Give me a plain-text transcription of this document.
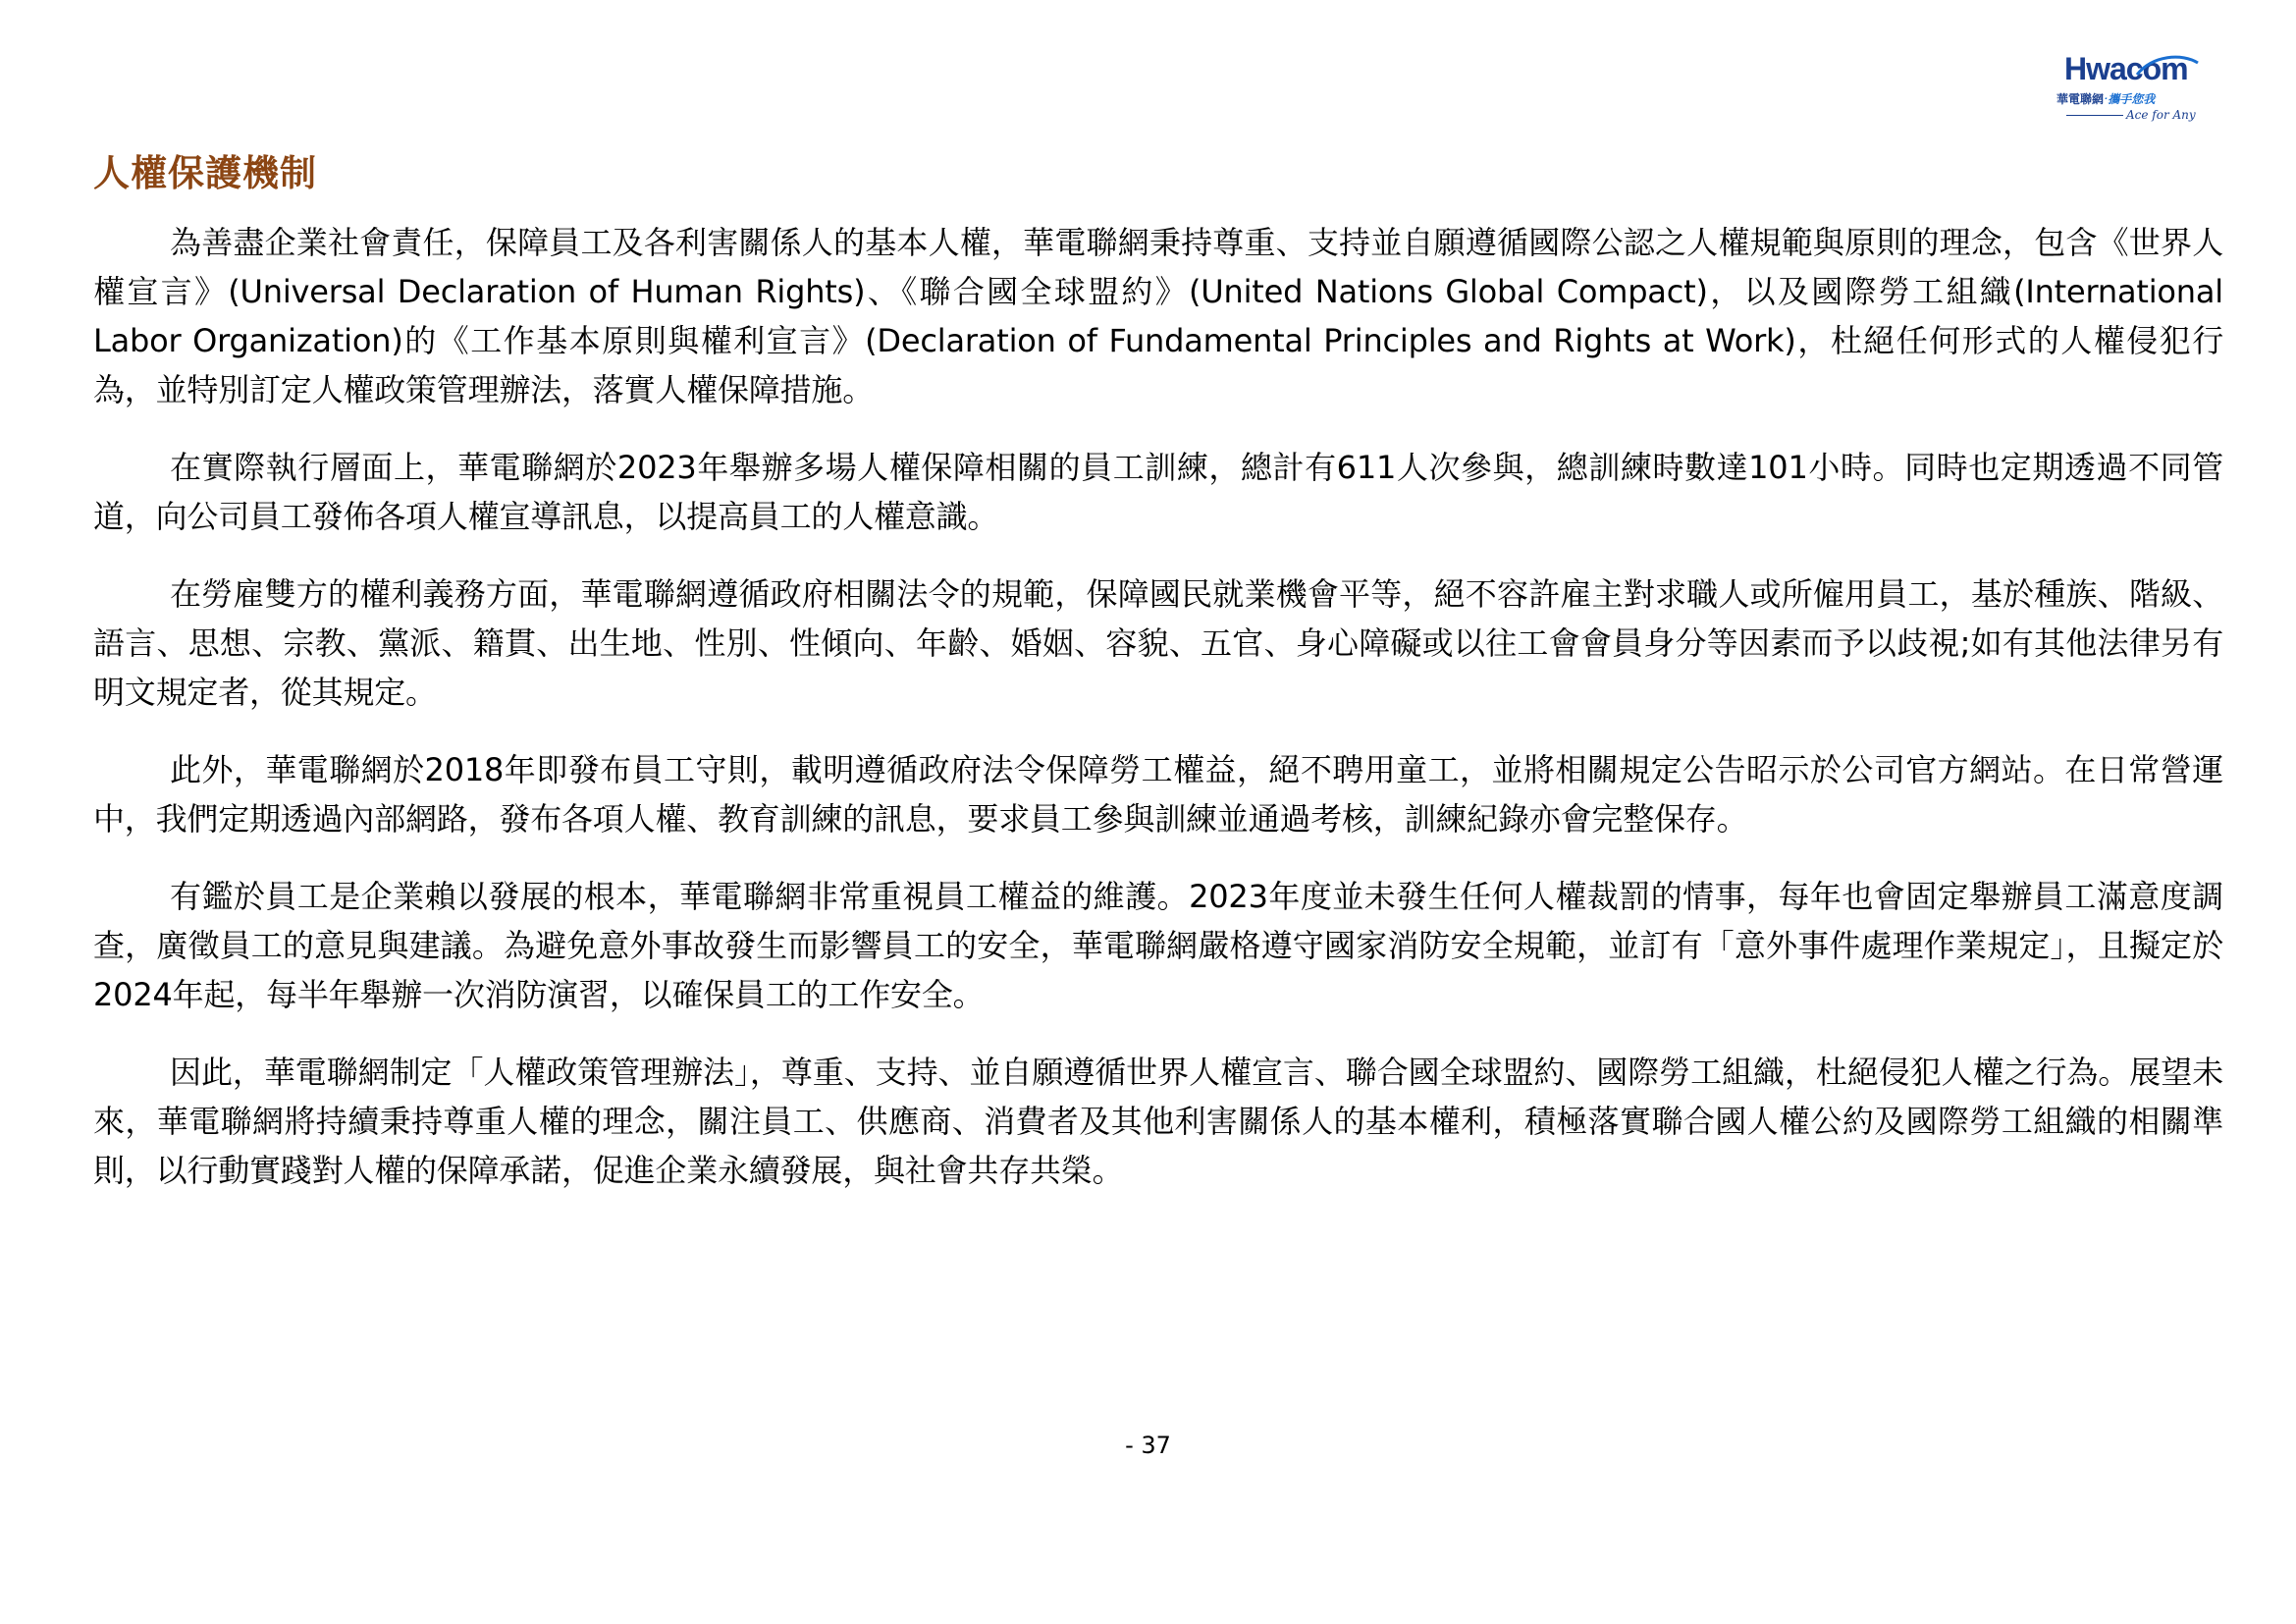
Hwacom
華電聯網‧攜手您我
Ace for Any
人權保護機制

為善盡企業社會責任，保障員工及各利害關係人的基本人權，華電聯網秉持尊重、支持並自願遵循國際公認之人權規範與原則的理念，包含《世界人權宣言》(Universal Declaration of Human Rights)、《聯合國全球盟約》(United Nations Global Compact)，以及國際勞工組織(International Labor Organization)的《工作基本原則與權利宣言》(Declaration of Fundamental Principles and Rights at Work)，杜絕任何形式的人權侵犯行為，並特別訂定人權政策管理辦法，落實人權保障措施。

在實際執行層面上，華電聯網於2023年舉辦多場人權保障相關的員工訓練，總計有611人次參與，總訓練時數達101小時。同時也定期透過不同管道，向公司員工發佈各項人權宣導訊息，以提高員工的人權意識。

在勞雇雙方的權利義務方面，華電聯網遵循政府相關法令的規範，保障國民就業機會平等，絕不容許雇主對求職人或所僱用員工，基於種族、階級、語言、思想、宗教、黨派、籍貫、出生地、性別、性傾向、年齡、婚姻、容貌、五官、身心障礙或以往工會會員身分等因素而予以歧視;如有其他法律另有明文規定者，從其規定。

此外，華電聯網於2018年即發布員工守則，載明遵循政府法令保障勞工權益，絕不聘用童工，並將相關規定公告昭示於公司官方網站。在日常營運中，我們定期透過內部網路，發布各項人權、教育訓練的訊息，要求員工參與訓練並通過考核，訓練紀錄亦會完整保存。

有鑑於員工是企業賴以發展的根本，華電聯網非常重視員工權益的維護。2023年度並未發生任何人權裁罰的情事，每年也會固定舉辦員工滿意度調查，廣徵員工的意見與建議。為避免意外事故發生而影響員工的安全，華電聯網嚴格遵守國家消防安全規範，並訂有「意外事件處理作業規定」，且擬定於2024年起，每半年舉辦一次消防演習，以確保員工的工作安全。

因此，華電聯網制定「人權政策管理辦法」，尊重、支持、並自願遵循世界人權宣言、聯合國全球盟約、國際勞工組織，杜絕侵犯人權之行為。展望未來，華電聯網將持續秉持尊重人權的理念，關注員工、供應商、消費者及其他利害關係人的基本權利，積極落實聯合國人權公約及國際勞工組織的相關準則，以行動實踐對人權的保障承諾，促進企業永續發展，與社會共存共榮。

- 37
